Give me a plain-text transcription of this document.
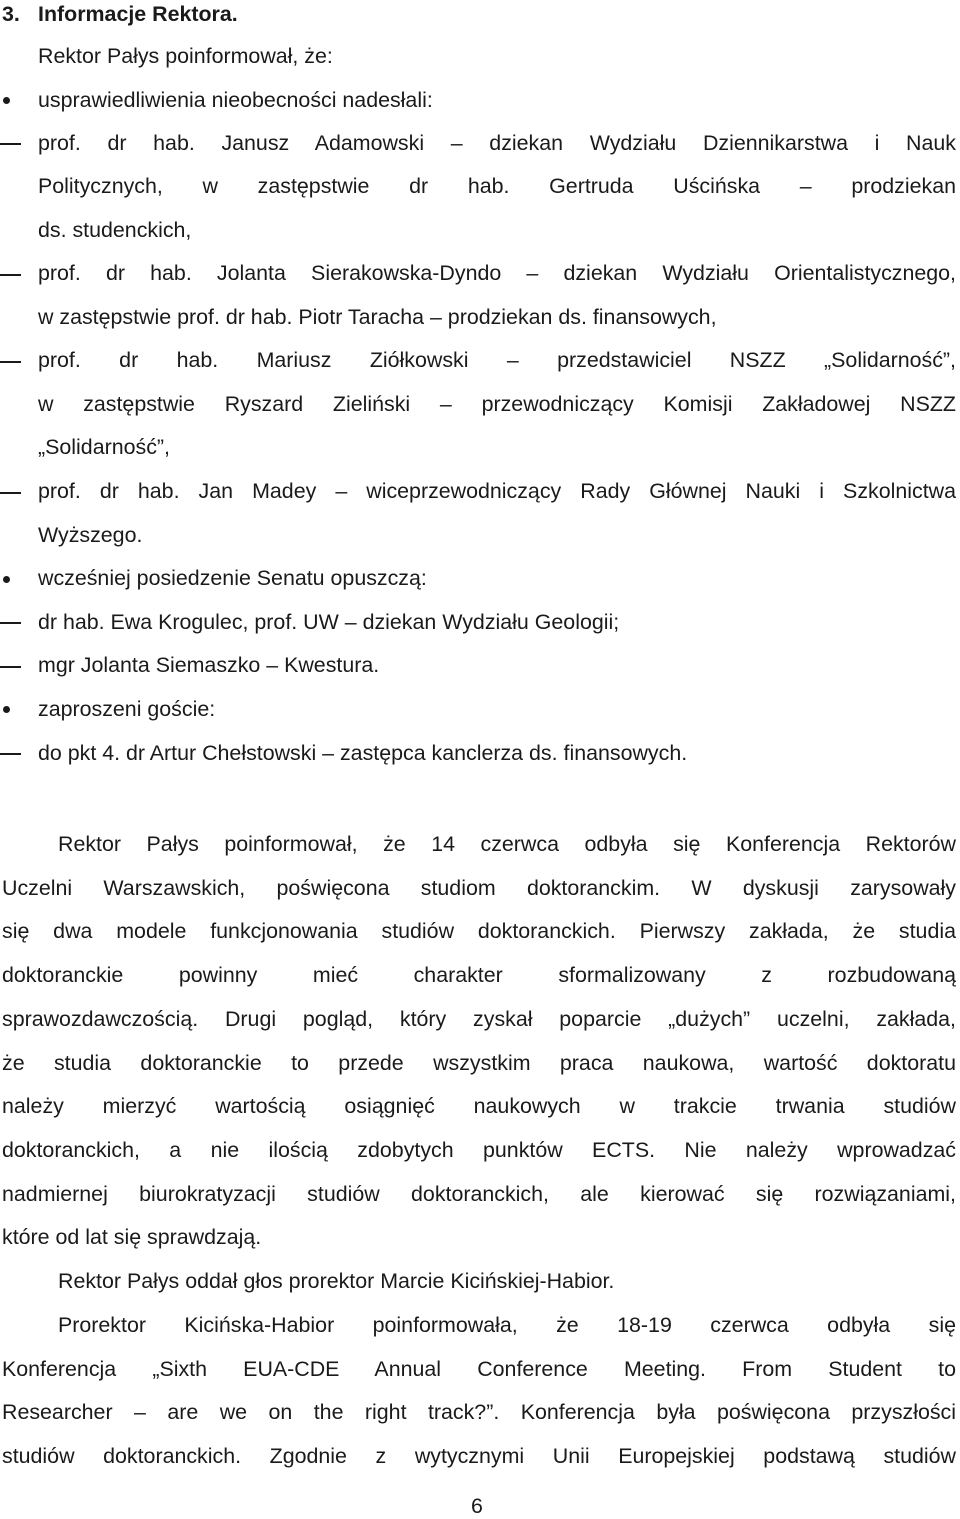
3. Informacje Rektora.
Rektor Pałys poinformował, że:
usprawiedliwienia nieobecności nadesłali:
prof. dr hab. Janusz Adamowski – dziekan Wydziału Dziennikarstwa i Nauk
Politycznych, w zastępstwie dr hab. Gertruda Uścińska – prodziekan
ds. studenckich,
prof. dr hab. Jolanta Sierakowska-Dyndo – dziekan Wydziału Orientalistycznego,
w zastępstwie prof. dr hab. Piotr Taracha – prodziekan ds. finansowych,
prof. dr hab. Mariusz Ziółkowski – przedstawiciel NSZZ „Solidarność”,
w zastępstwie Ryszard Zieliński – przewodniczący Komisji Zakładowej NSZZ
„Solidarność”,
prof. dr hab. Jan Madey – wiceprzewodniczący Rady Głównej Nauki i Szkolnictwa
Wyższego.
wcześniej posiedzenie Senatu opuszczą:
dr hab. Ewa Krogulec, prof. UW – dziekan Wydziału Geologii;
mgr Jolanta Siemaszko – Kwestura.
zaproszeni goście:
do pkt 4. dr Artur Chełstowski – zastępca kanclerza ds. finansowych.
Rektor Pałys poinformował, że 14 czerwca odbyła się Konferencja Rektorów
Uczelni Warszawskich, poświęcona studiom doktoranckim. W dyskusji zarysowały
się dwa modele funkcjonowania studiów doktoranckich. Pierwszy zakłada, że studia
doktoranckie powinny mieć charakter sformalizowany z rozbudowaną
sprawozdawczością. Drugi pogląd, który zyskał poparcie „dużych” uczelni, zakłada,
że studia doktoranckie to przede wszystkim praca naukowa, wartość doktoratu
należy mierzyć wartością osiągnięć naukowych w trakcie trwania studiów
doktoranckich, a nie ilością zdobytych punktów ECTS. Nie należy wprowadzać
nadmiernej biurokratyzacji studiów doktoranckich, ale kierować się rozwiązaniami,
które od lat się sprawdzają.
Rektor Pałys oddał głos prorektor Marcie Kicińskiej-Habior.
Prorektor Kicińska-Habior poinformowała, że 18-19 czerwca odbyła się
Konferencja „Sixth EUA-CDE Annual Conference Meeting. From Student to
Researcher – are we on the right track?”. Konferencja była poświęcona przyszłości
studiów doktoranckich. Zgodnie z wytycznymi Unii Europejskiej podstawą studiów
6
